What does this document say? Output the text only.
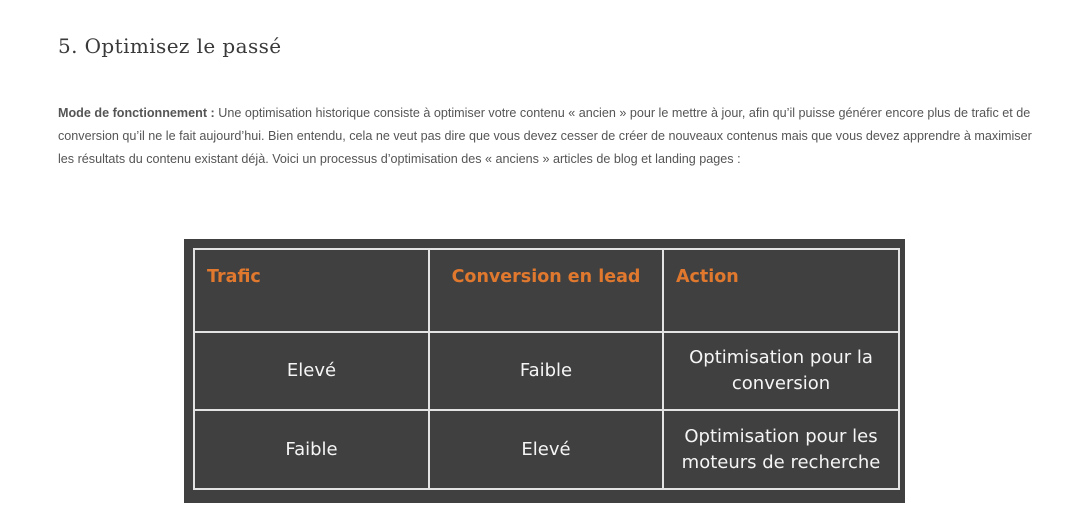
5. Optimisez le passé

Mode de fonctionnement : Une optimisation historique consiste à optimiser votre contenu « ancien » pour le mettre à jour, afin qu’il puisse générer encore plus de trafic et de conversion qu’il ne le fait aujourd’hui. Bien entendu, cela ne veut pas dire que vous devez cesser de créer de nouveaux contenus mais que vous devez apprendre à maximiser les résultats du contenu existant déjà. Voici un processus d’optimisation des « anciens » articles de blog et landing pages :

Trafic	Conversion en lead	Action
Elevé	Faible	Optimisation pour la conversion
Faible	Elevé	Optimisation pour les moteurs de recherche
